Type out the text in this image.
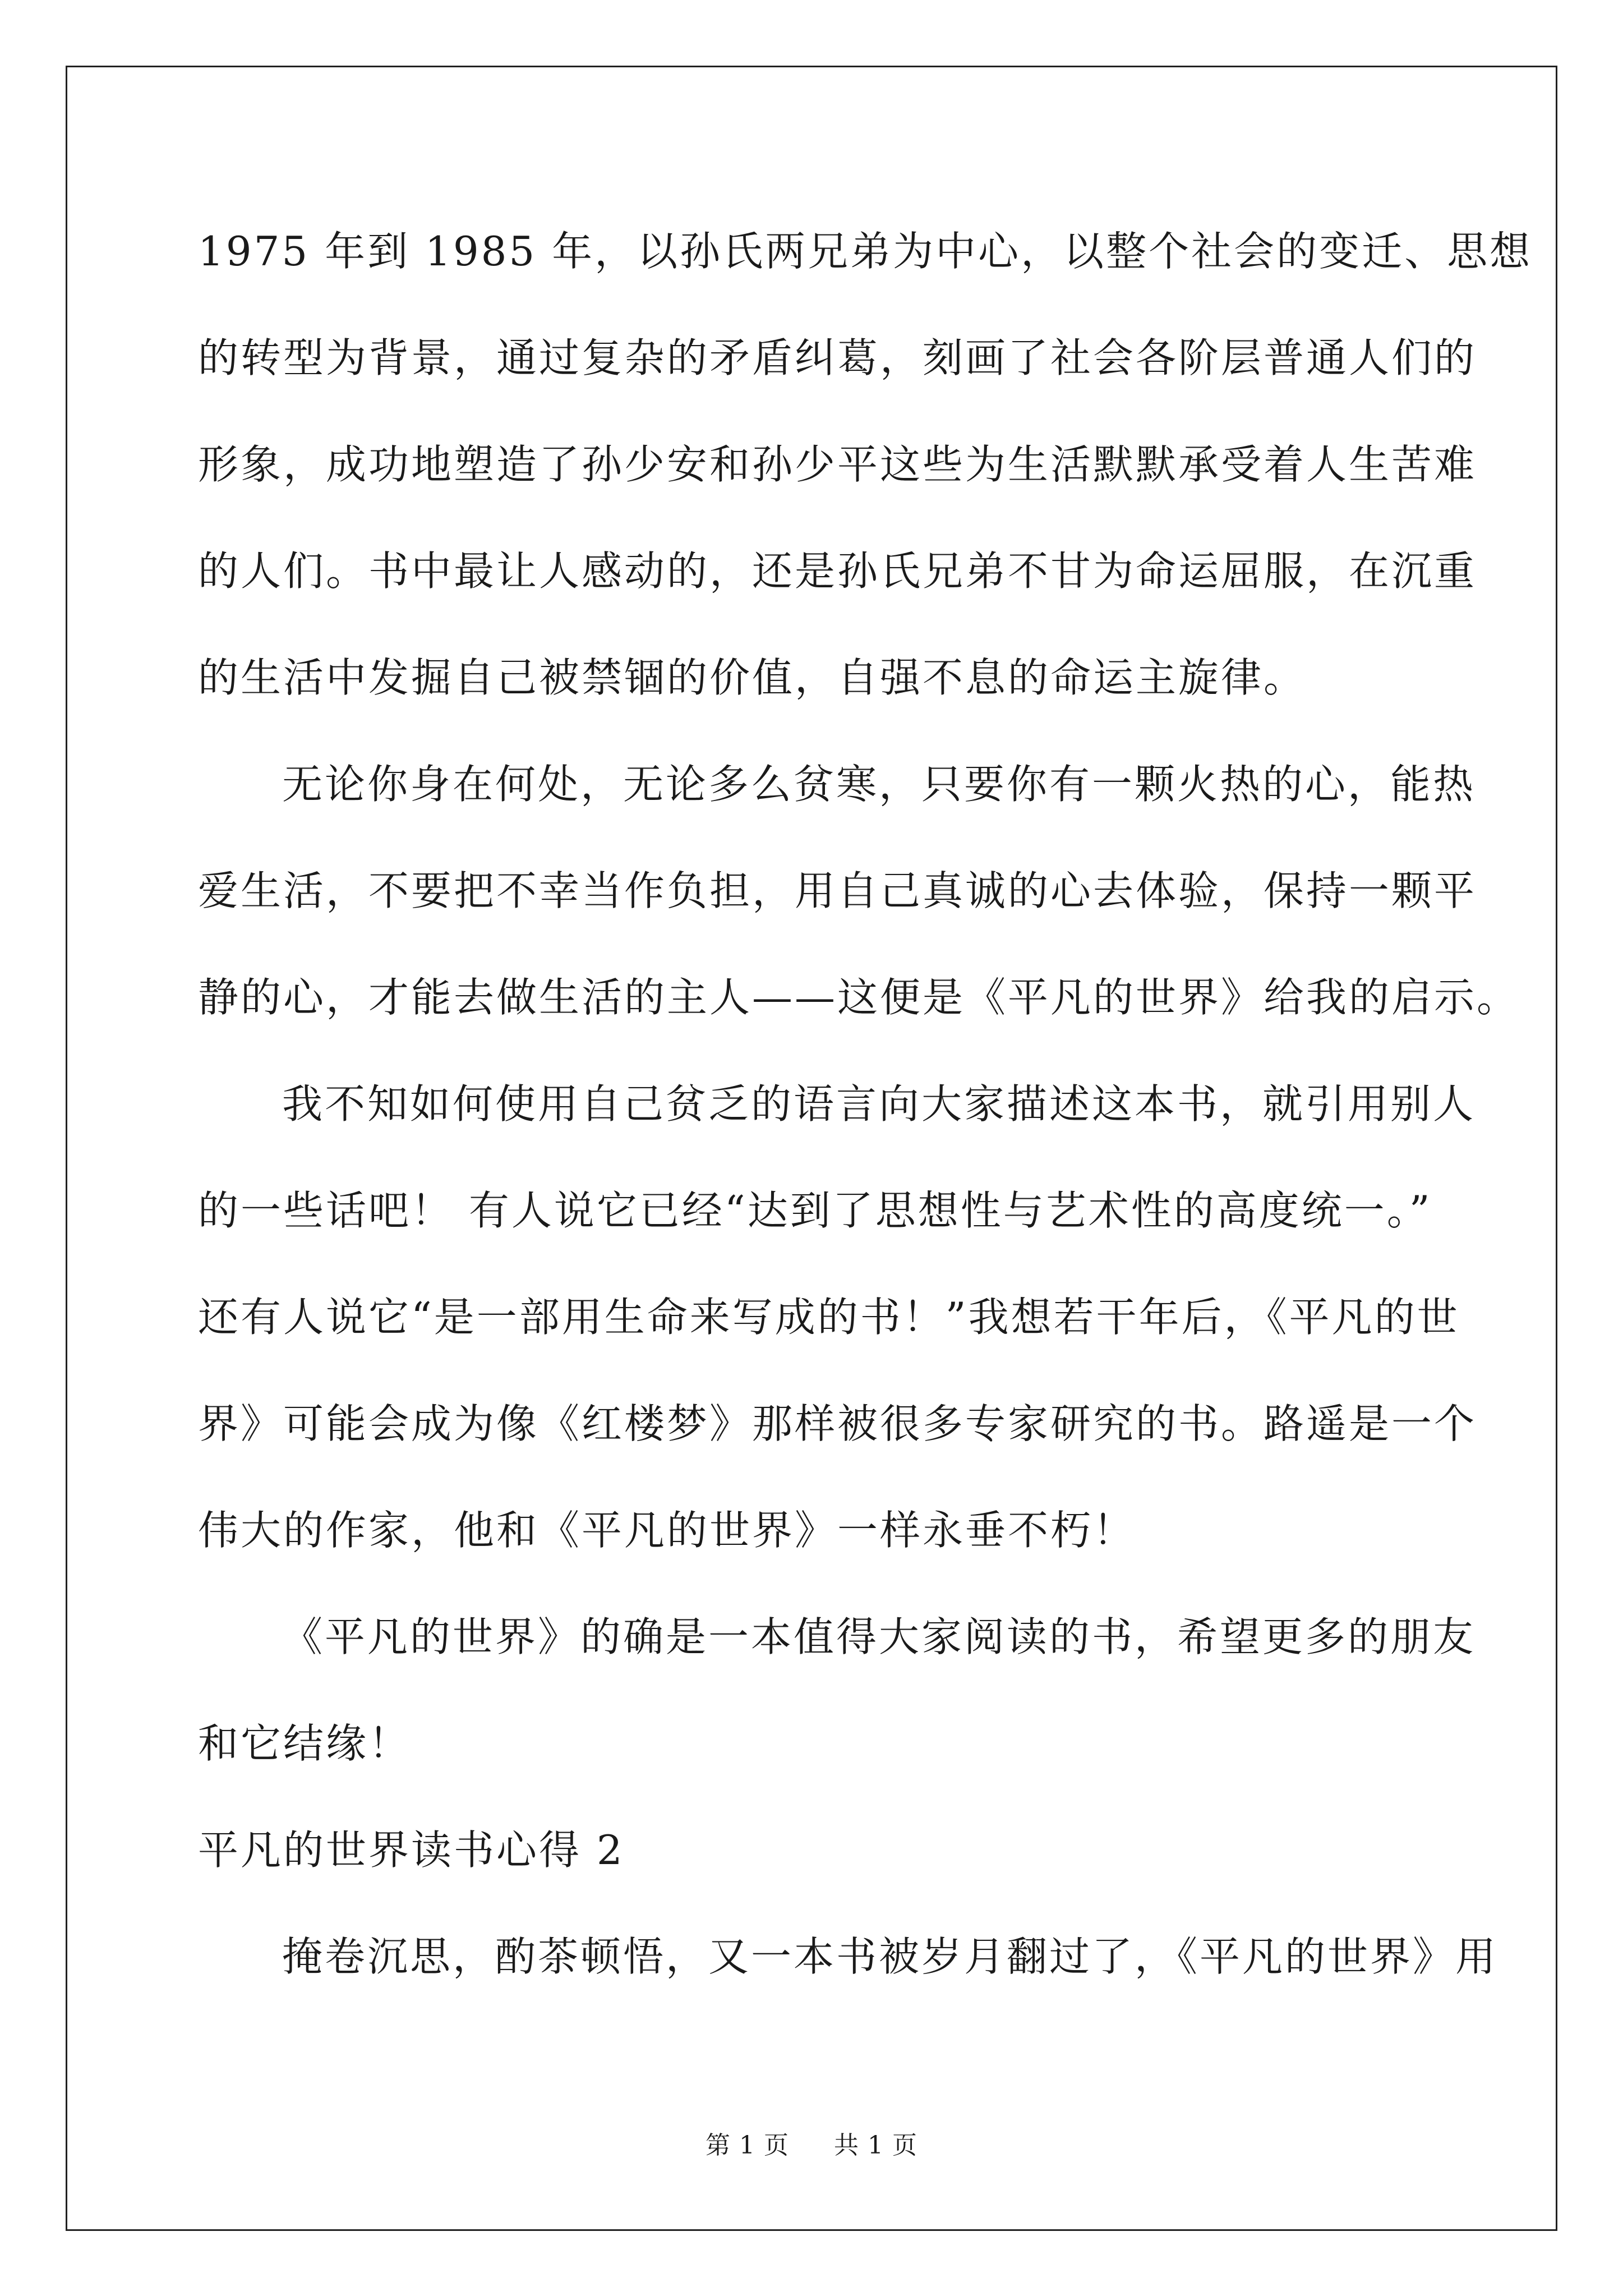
1975 年到 1985 年，以孙氏两兄弟为中心，以整个社会的变迁、思想
的转型为背景，通过复杂的矛盾纠葛，刻画了社会各阶层普通人们的
形象，成功地塑造了孙少安和孙少平这些为生活默默承受着人生苦难
的人们。书中最让人感动的，还是孙氏兄弟不甘为命运屈服，在沉重
的生活中发掘自己被禁锢的价值，自强不息的命运主旋律。
无论你身在何处，无论多么贫寒，只要你有一颗火热的心，能热
爱生活，不要把不幸当作负担，用自己真诚的心去体验，保持一颗平
静的心，才能去做生活的主人——这便是《平凡的世界》给我的启示。
我不知如何使用自己贫乏的语言向大家描述这本书，就引用别人
的一些话吧！ 有人说它已经“达到了思想性与艺术性的高度统一。”
还有人说它“是一部用生命来写成的书！”我想若干年后，《平凡的世
界》可能会成为像《红楼梦》那样被很多专家研究的书。路遥是一个
伟大的作家，他和《平凡的世界》一样永垂不朽！
《平凡的世界》的确是一本值得大家阅读的书，希望更多的朋友
和它结缘！
平凡的世界读书心得 2
掩卷沉思，酌茶顿悟，又一本书被岁月翻过了，《平凡的世界》用
第 1 页 共 1 页
